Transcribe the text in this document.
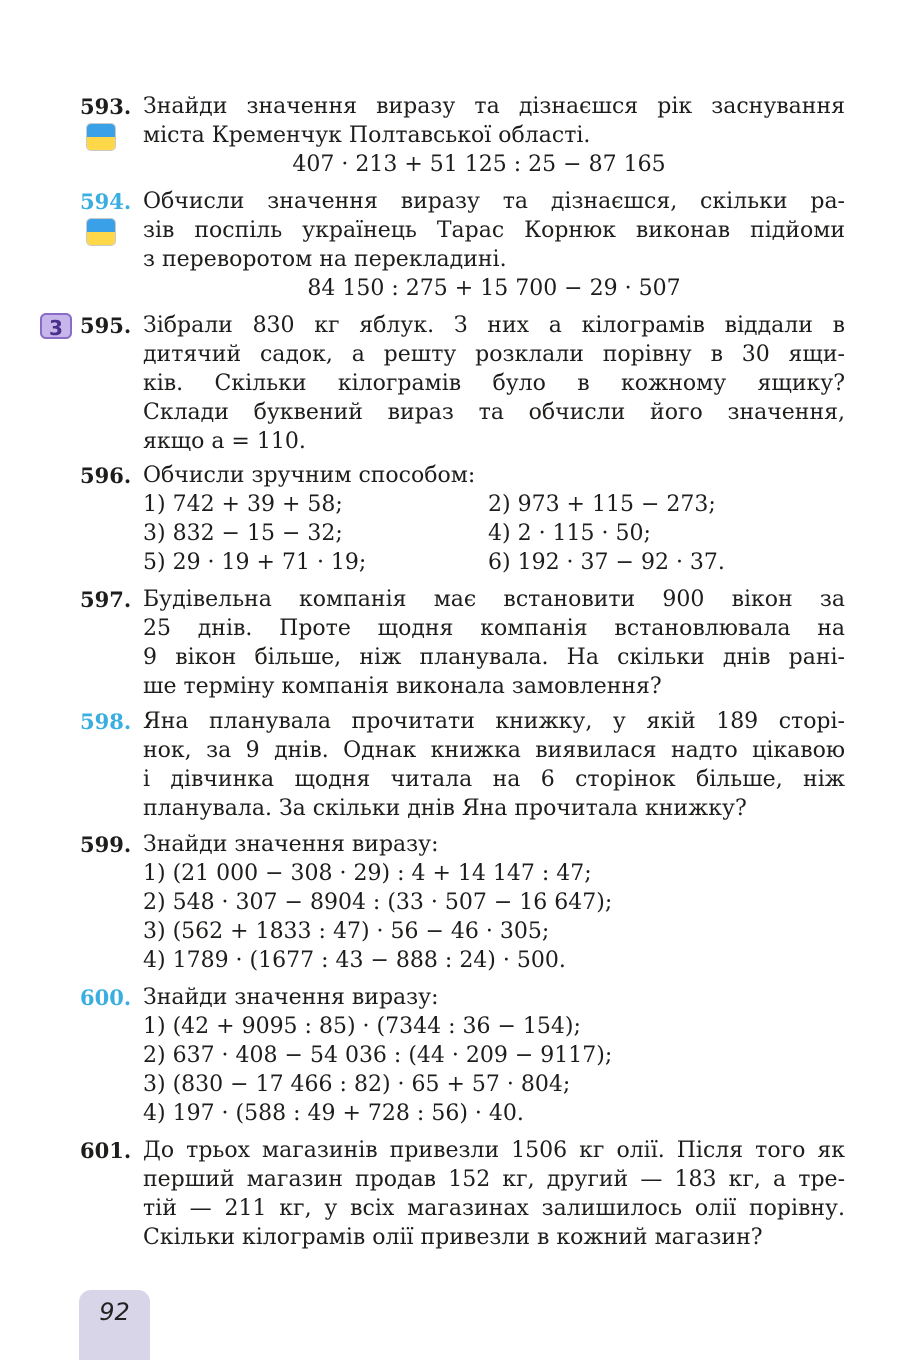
593. Знайди значення виразу та дізнаєшся рік заснування
міста Кременчук Полтавської області.
407 · 213 + 51 125 : 25 − 87 165
594. Обчисли значення виразу та дізнаєшся, скільки ра-
зів поспіль українець Тарас Корнюк виконав підйоми
з переворотом на перекладині.
84 150 : 275 + 15 700 − 29 · 507
3 595. Зібрали 830 кг яблук. З них a кілограмів віддали в
дитячий садок, а решту розклали порівну в 30 ящи-
ків. Скільки кілограмів було в кожному ящику?
Склади буквений вираз та обчисли його значення,
якщо a = 110.
596. Обчисли зручним способом:
1) 742 + 39 + 58;	2) 973 + 115 − 273;
3) 832 − 15 − 32;	4) 2 · 115 · 50;
5) 29 · 19 + 71 · 19;	6) 192 · 37 − 92 · 37.
597. Будівельна компанія має встановити 900 вікон за
25 днів. Проте щодня компанія встановлювала на
9 вікон більше, ніж планувала. На скільки днів рані-
ше терміну компанія виконала замовлення?
598. Яна планувала прочитати книжку, у якій 189 сторі-
нок, за 9 днів. Однак книжка виявилася надто цікавою
і дівчинка щодня читала на 6 сторінок більше, ніж
планувала. За скільки днів Яна прочитала книжку?
599. Знайди значення виразу:
1) (21 000 − 308 · 29) : 4 + 14 147 : 47;
2) 548 · 307 − 8904 : (33 · 507 − 16 647);
3) (562 + 1833 : 47) · 56 − 46 · 305;
4) 1789 · (1677 : 43 − 888 : 24) · 500.
600. Знайди значення виразу:
1) (42 + 9095 : 85) · (7344 : 36 − 154);
2) 637 · 408 − 54 036 : (44 · 209 − 9117);
3) (830 − 17 466 : 82) · 65 + 57 · 804;
4) 197 · (588 : 49 + 728 : 56) · 40.
601. До трьох магазинів привезли 1506 кг олії. Після того як
перший магазин продав 152 кг, другий — 183 кг, а тре-
тій — 211 кг, у всіх магазинах залишилось олії порівну.
Скільки кілограмів олії привезли в кожний магазин?
92
